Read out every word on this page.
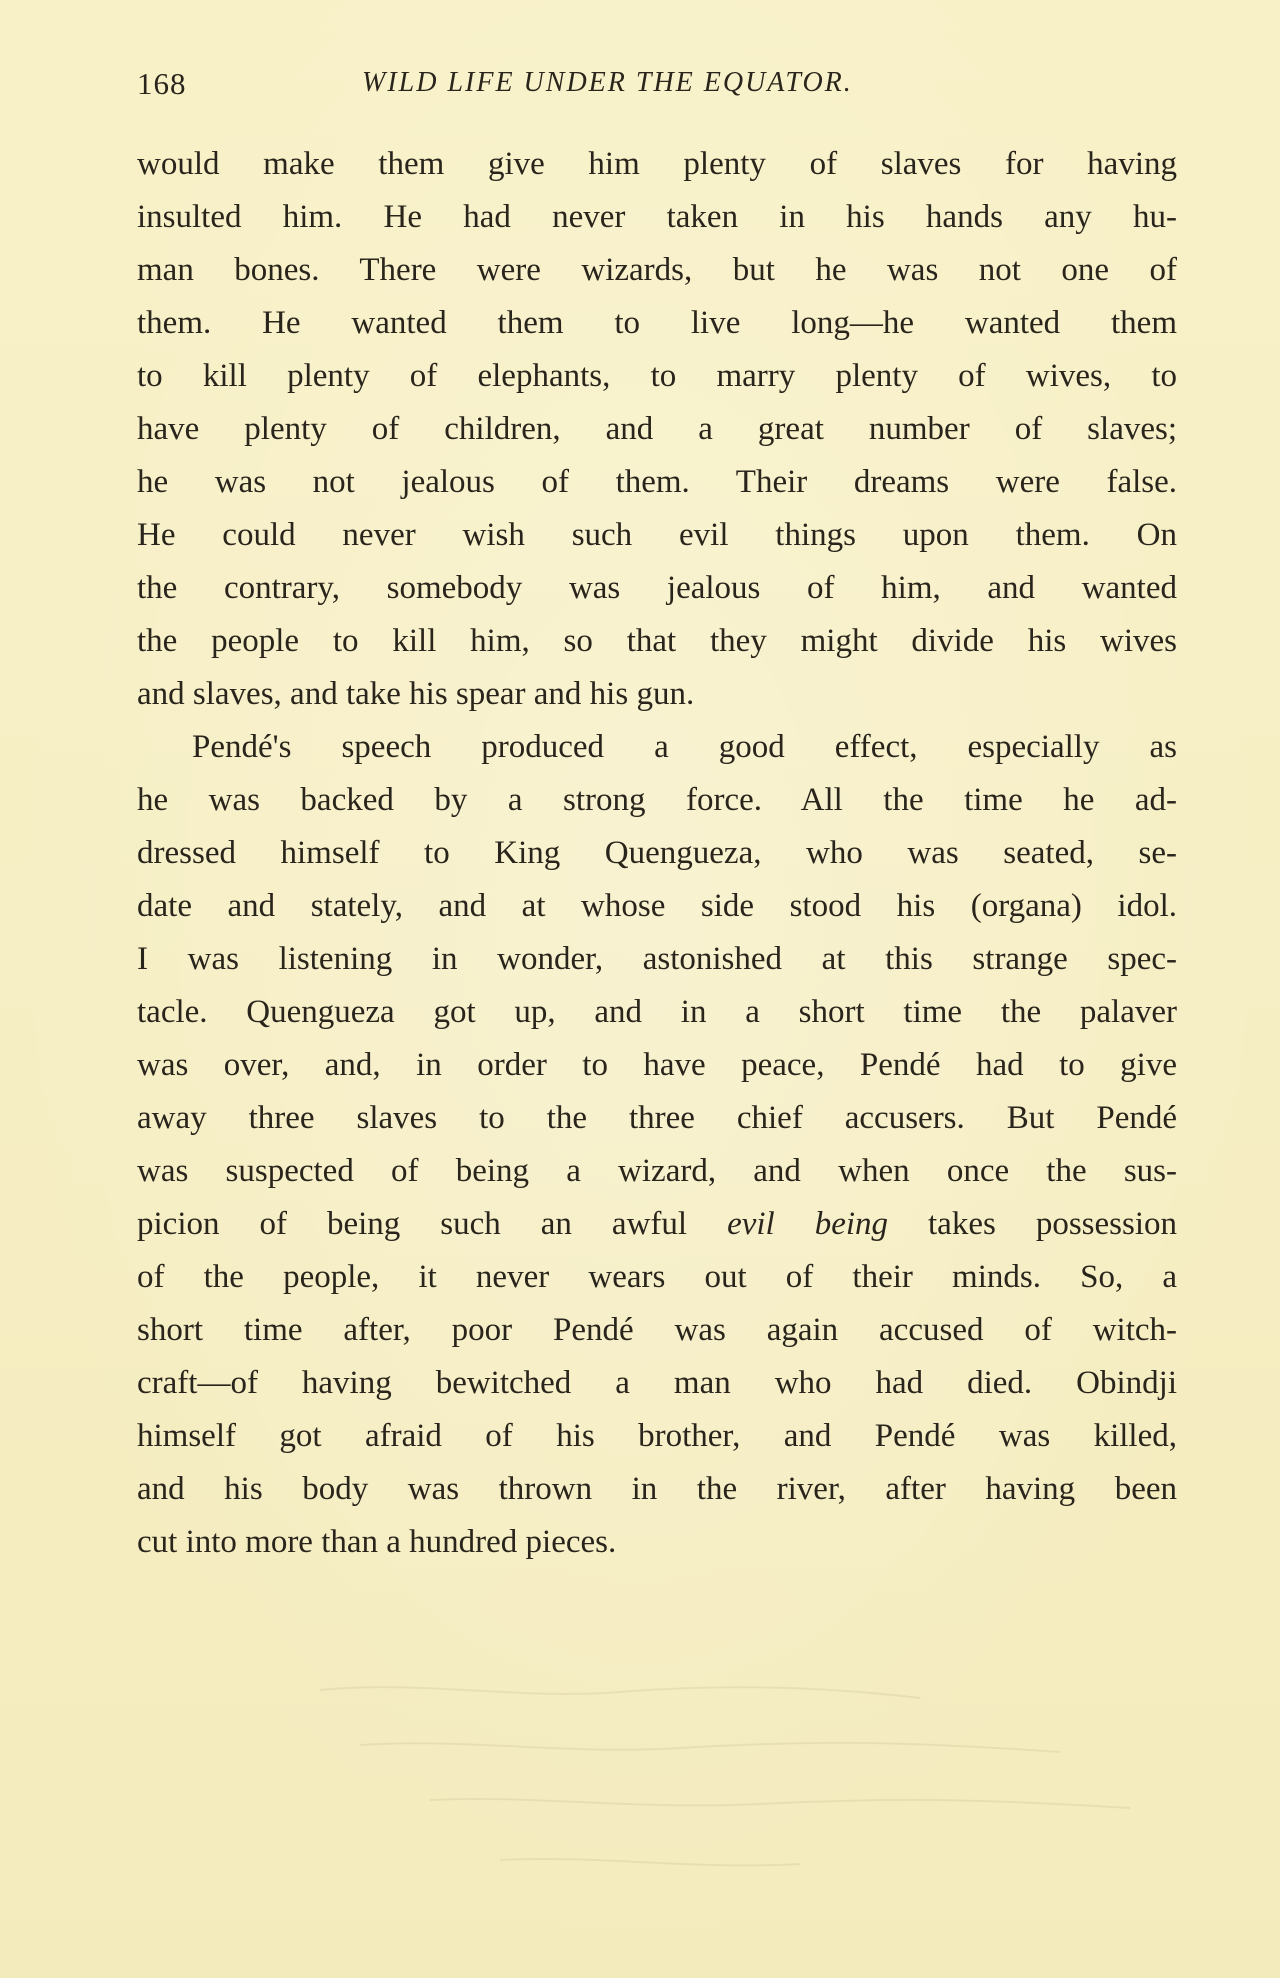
168	WILD LIFE UNDER THE EQUATOR.
would make them give him plenty of slaves for having
insulted him. He had never taken in his hands any hu-
man bones. There were wizards, but he was not one of
them. He wanted them to live long—he wanted them
to kill plenty of elephants, to marry plenty of wives, to
have plenty of children, and a great number of slaves;
he was not jealous of them. Their dreams were false.
He could never wish such evil things upon them. On
the contrary, somebody was jealous of him, and wanted
the people to kill him, so that they might divide his wives
and slaves, and take his spear and his gun.
Pendé's speech produced a good effect, especially as
he was backed by a strong force. All the time he ad-
dressed himself to King Quengueza, who was seated, se-
date and stately, and at whose side stood his (organa) idol.
I was listening in wonder, astonished at this strange spec-
tacle. Quengueza got up, and in a short time the palaver
was over, and, in order to have peace, Pendé had to give
away three slaves to the three chief accusers. But Pendé
was suspected of being a wizard, and when once the sus-
picion of being such an awful evil being takes possession
of the people, it never wears out of their minds. So, a
short time after, poor Pendé was again accused of witch-
craft—of having bewitched a man who had died. Obindji
himself got afraid of his brother, and Pendé was killed,
and his body was thrown in the river, after having been
cut into more than a hundred pieces.
